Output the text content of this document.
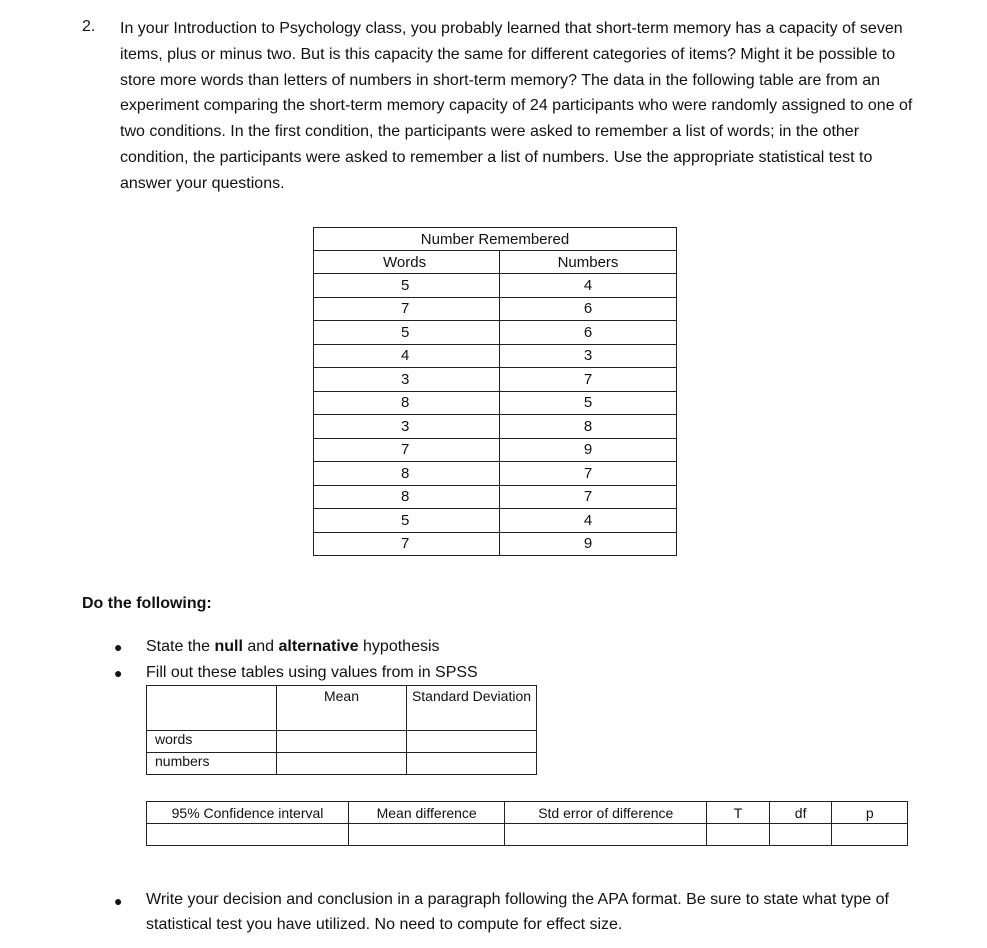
2. In your Introduction to Psychology class, you probably learned that short-term memory has a capacity of seven items, plus or minus two. But is this capacity the same for different categories of items? Might it be possible to store more words than letters of numbers in short-term memory? The data in the following table are from an experiment comparing the short-term memory capacity of 24 participants who were randomly assigned to one of two conditions. In the first condition, the participants were asked to remember a list of words; in the other condition, the participants were asked to remember a list of numbers. Use the appropriate statistical test to answer your questions.

Number Remembered	
Words	Numbers
5	4
7	6
5	6
4	3
3	7
8	5
3	8
7	9
8	7
8	7
5	4
7	9

Do the following:

● State the null and alternative hypothesis

● Fill out these tables using values from in SPSS

	Mean	Standard Deviation
words		
numbers		
95% Confidence interval	Mean difference	Std error of difference	T	df	p

● Write your decision and conclusion in a paragraph following the APA format. Be sure to state what type of statistical test you have utilized. No need to compute for effect size.
